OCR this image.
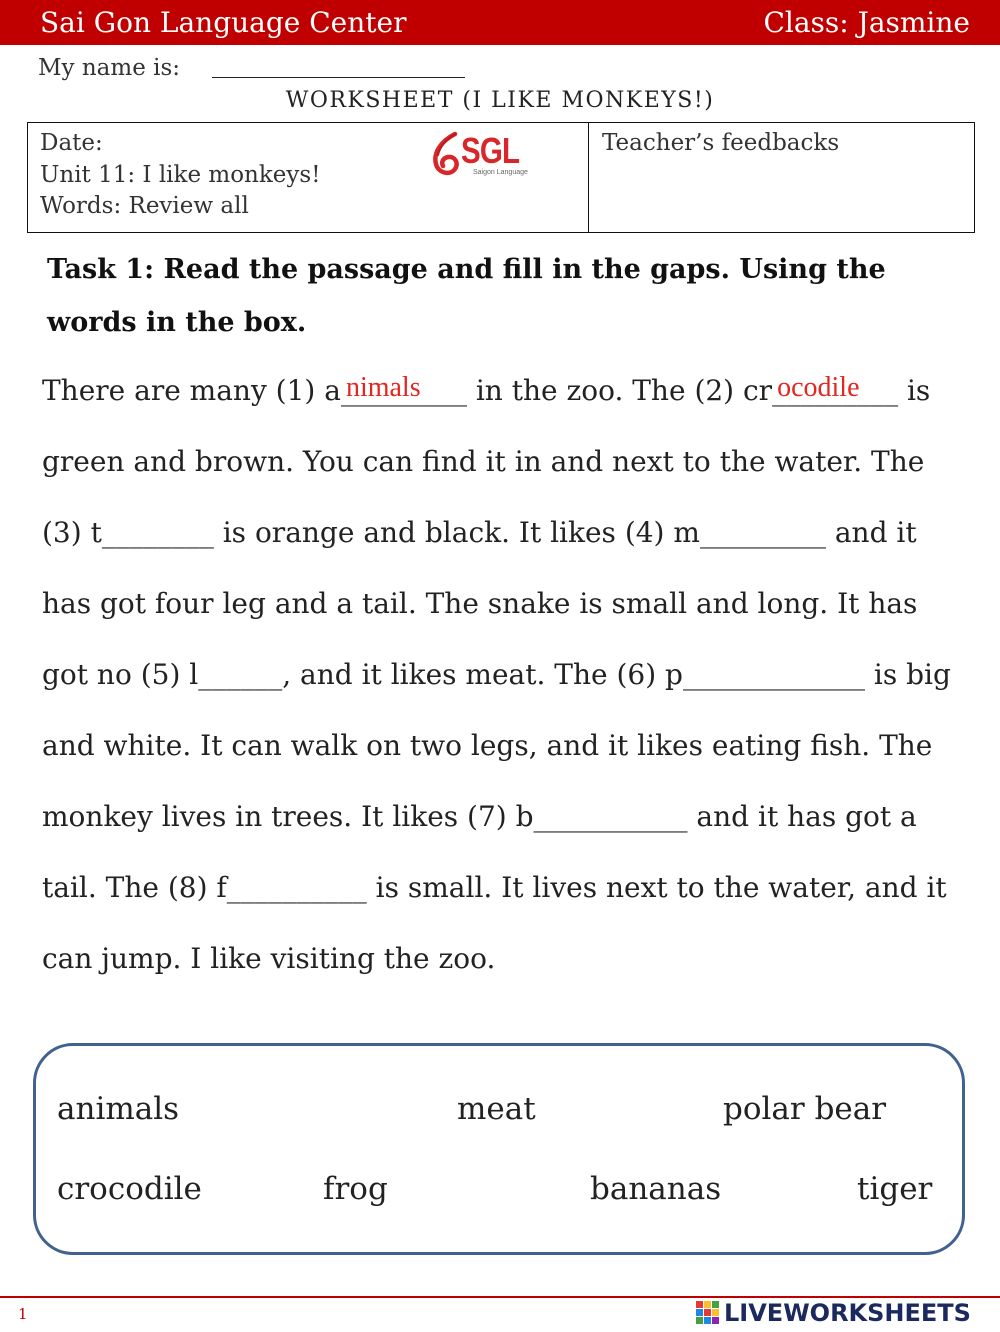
Sai Gon Language Center	Class: Jasmine
My name is:
WORKSHEET (I LIKE MONKEYS!)
Date:
Unit 11: I like monkeys!
Words: Review all
SGL
Saigon Language
Teacher’s feedbacks
Task 1: Read the passage and fill in the gaps. Using the words in the box.
There are many (1) a_________
nimals in the zoo. The (2) cr_________
ocodile is
green and brown. You can find it in and next to the water. The
(3) t________
is orange and black. It likes (4) m_________
and it
has got four leg and a tail. The snake is small and long. It has
got no (5) l______
, and it likes meat. The (6) p_____________
is big
and white. It can walk on two legs, and it likes eating fish. The
monkey lives in trees. It likes (7) b___________
and it has got a
tail. The (8) f__________
is small. It lives next to the water, and it
can jump. I like visiting the zoo.
animals	meat	polar bear
crocodile	frog	bananas	tiger
1	LIVEWORKSHEETS
